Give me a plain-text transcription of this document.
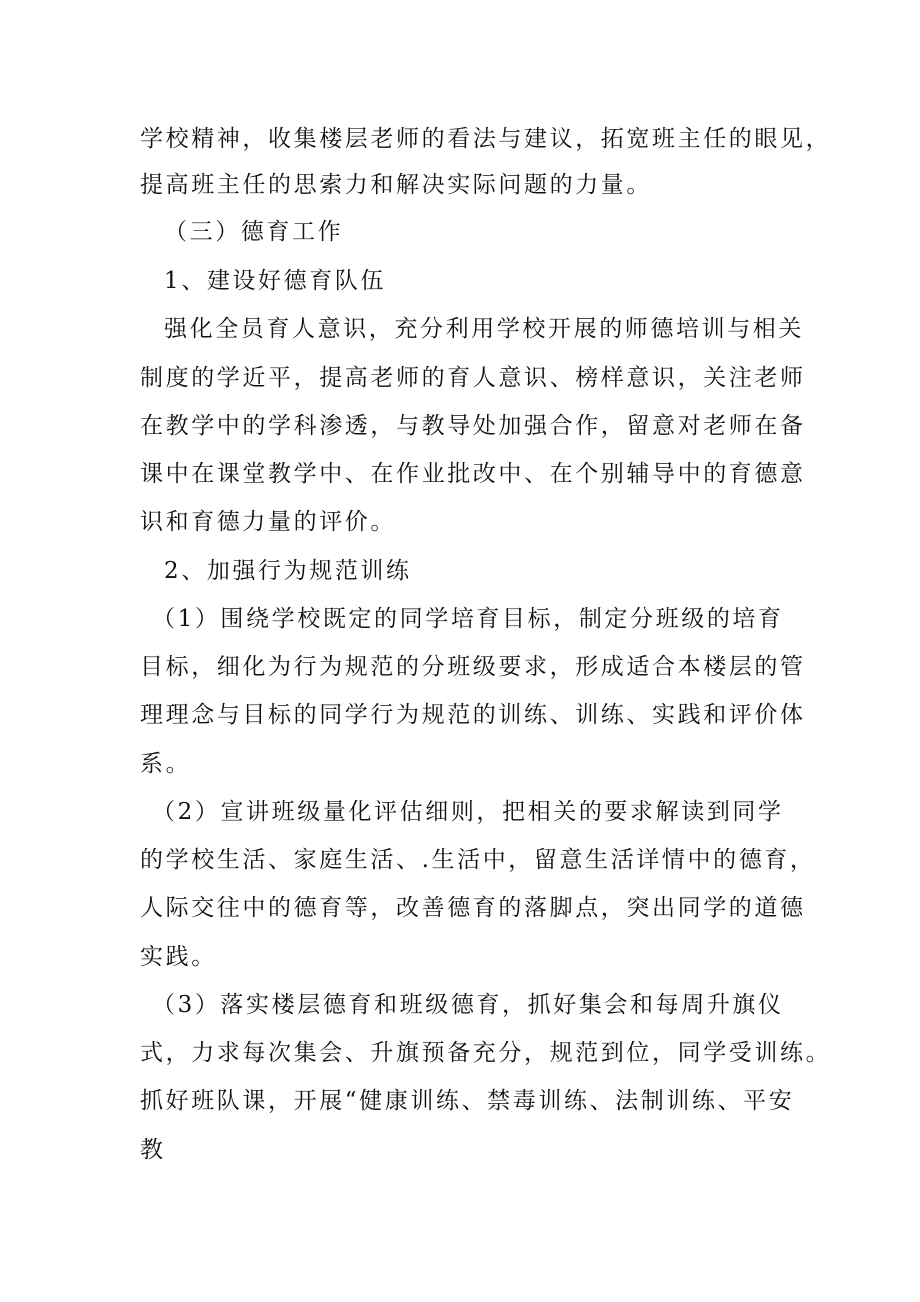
学校精神，收集楼层老师的看法与建议，拓宽班主任的眼见，
提高班主任的思索力和解决实际问题的力量。
（三）德育工作
1、建设好德育队伍
强化全员育人意识，充分利用学校开展的师德培训与相关
制度的学近平，提高老师的育人意识、榜样意识，关注老师
在教学中的学科渗透，与教导处加强合作，留意对老师在备
课中在课堂教学中、在作业批改中、在个别辅导中的育德意
识和育德力量的评价。
2、加强行为规范训练
（1）围绕学校既定的同学培育目标，制定分班级的培育
目标，细化为行为规范的分班级要求，形成适合本楼层的管
理理念与目标的同学行为规范的训练、训练、实践和评价体
系。
（2）宣讲班级量化评估细则，把相关的要求解读到同学
的学校生活、家庭生活、.生活中，留意生活详情中的德育，
人际交往中的德育等，改善德育的落脚点，突出同学的道德
实践。
（3）落实楼层德育和班级德育，抓好集会和每周升旗仪
式，力求每次集会、升旗预备充分，规范到位，同学受训练。
抓好班队课，开展“健康训练、禁毒训练、法制训练、平安
教
